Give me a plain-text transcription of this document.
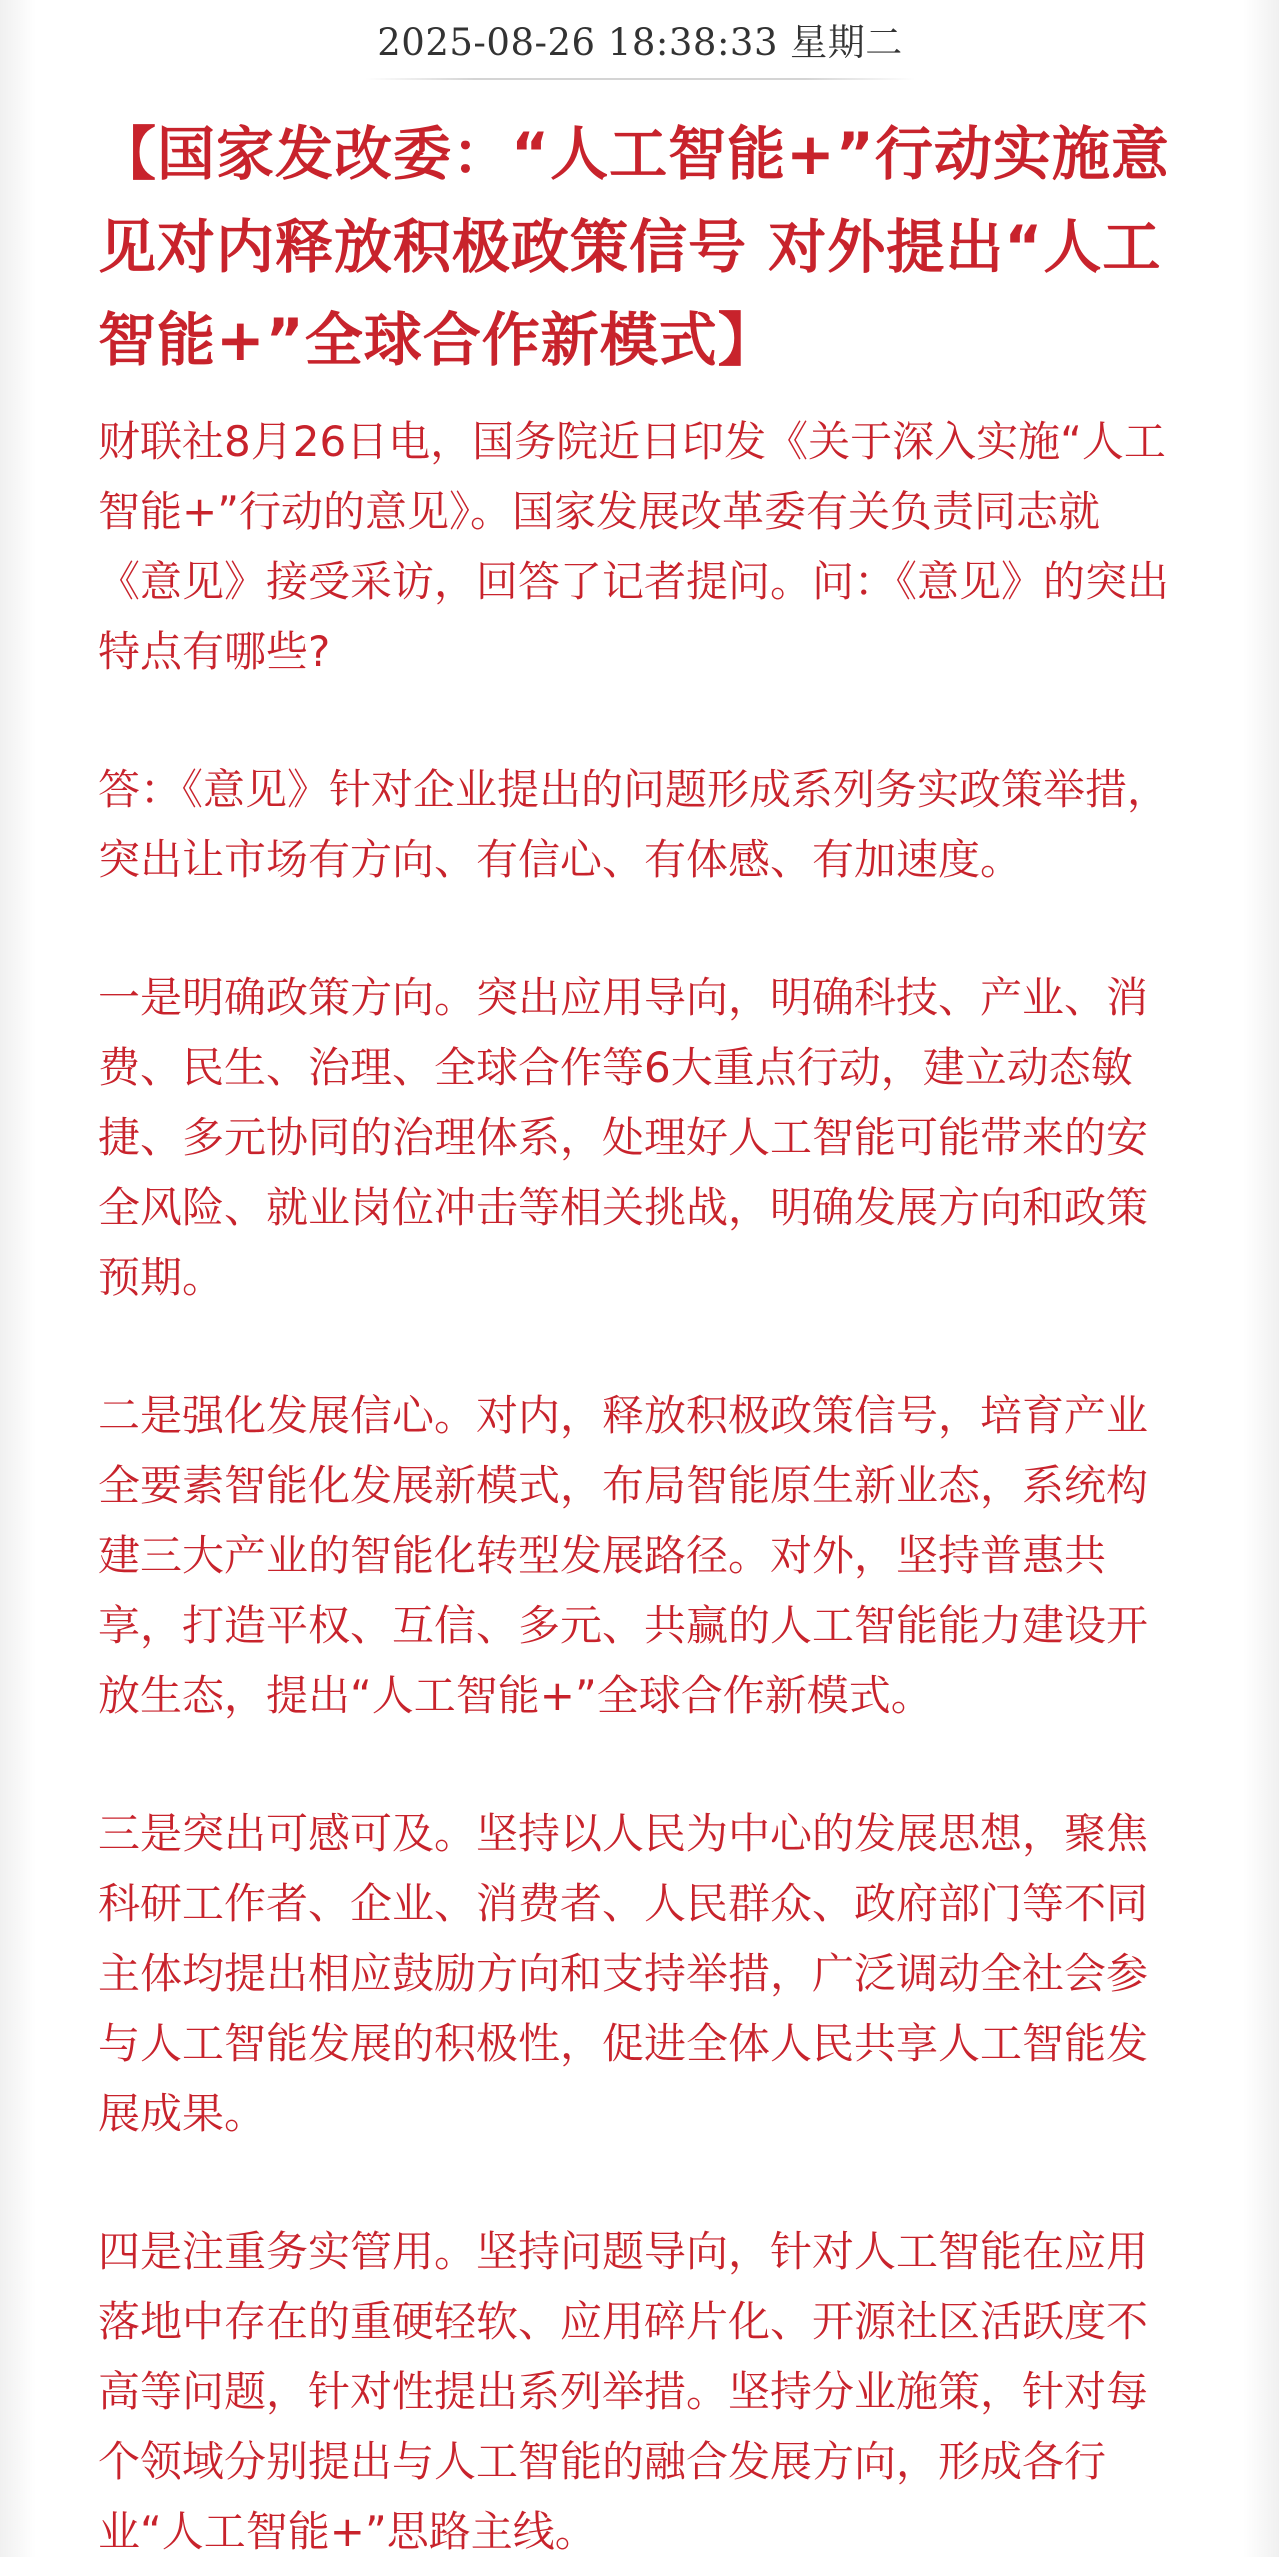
2025-08-26 18:38:33 星期二
【国家发改委：“人工智能+”行动实施意见对内释放积极政策信号 对外提出“人工智能+”全球合作新模式】

财联社8月26日电，国务院近日印发《关于深入实施“人工智能+”行动的意见》。国家发展改革委有关负责同志就《意见》接受采访，回答了记者提问。问：《意见》的突出特点有哪些?

答：《意见》针对企业提出的问题形成系列务实政策举措，突出让市场有方向、有信心、有体感、有加速度。

一是明确政策方向。突出应用导向，明确科技、产业、消费、民生、治理、全球合作等6大重点行动，建立动态敏捷、多元协同的治理体系，处理好人工智能可能带来的安全风险、就业岗位冲击等相关挑战，明确发展方向和政策预期。

二是强化发展信心。对内，释放积极政策信号，培育产业全要素智能化发展新模式，布局智能原生新业态，系统构建三大产业的智能化转型发展路径。对外，坚持普惠共享，打造平权、互信、多元、共赢的人工智能能力建设开放生态，提出“人工智能+”全球合作新模式。

三是突出可感可及。坚持以人民为中心的发展思想，聚焦科研工作者、企业、消费者、人民群众、政府部门等不同主体均提出相应鼓励方向和支持举措，广泛调动全社会参与人工智能发展的积极性，促进全体人民共享人工智能发展成果。

四是注重务实管用。坚持问题导向，针对人工智能在应用落地中存在的重硬轻软、应用碎片化、开源社区活跃度不高等问题，针对性提出系列举措。坚持分业施策，针对每个领域分别提出与人工智能的融合发展方向，形成各行业“人工智能+”思路主线。
